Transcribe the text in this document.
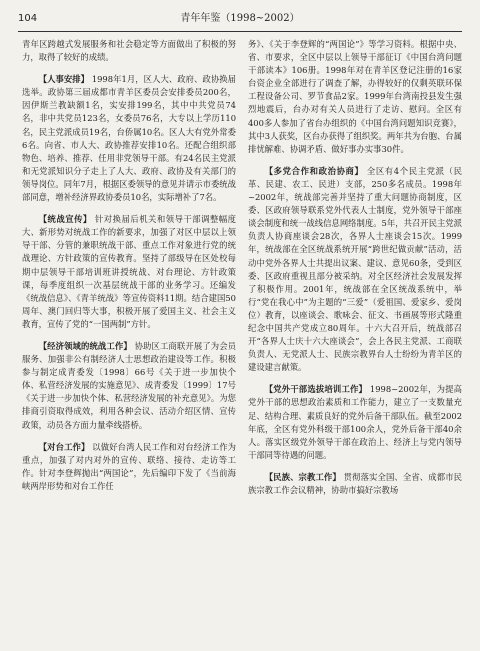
104	青年年鉴（1998~2002）

青年区跨越式发展服务和社会稳定等方面做出了积极的努力，取得了较好的成绩。

【人事安排】 1998年1月，区人大、政府、政协换届选举。政协第三届成都市青羊区委员会安排委员200名，因伊斯兰教缺额1名，实安排199名，其中中共党员74名，非中共党员123名，女委员76名，大专以上学历110名，民主党派成员19名，台侨属10名。区人大有党外常委6名。向省、市人大、政协推荐安排10名。还配合组织部物色、培养、推荐、任用非党领导干部。有24名民主党派和无党派知识分子走上了人大、政府、政协及有关部门的领导岗位。同年7月，根据区委领导的意见并请示市委统战部同意，增补经济界政协委员10名，实际增补了7名。

【统战宣传】 针对换届后机关和领导干部调整幅度大、新形势对统战工作的新要求，加强了对区中层以上领导干部、分管的兼职统战干部、重点工作对象进行党的统战理论、方针政策的宣传教育。坚持了部级导在区处校每期中层领导干部培训班讲授统战、对台理论、方针政策课，每季度组织一次基层统战干部的业务学习。还编发《统战信息》、《青羊统战》等宣传资料11期。结合建国50周年、澳门回归等大事，积极开展了爱国主义、社会主义教育，宣传了党的“一国两制”方针。

【经济领域的统战工作】 协助区工商联开展了为会员服务、加强非公有制经济人士思想政治建设等工作。积极参与制定成青委发〔1998〕66号《关于进一步加快个体、私营经济发展的实施意见》、成青委发〔1999〕17号《关于进一步加快个体、私营经济发展的补充意见》。为您排商引资取得成效，利用各种会议、活动介绍区情、宣传政策，动员各方面力量牵线搭桥。

【对台工作】 以做好台湾人民工作和对台经济工作为重点，加强了对内对外的宣传、联络、接待、走访等工作。针对李登辉抛出“两国论”，先后编印下发了《当前海峡两岸形势和对台工作任

务》、《关于李登辉的“两国论”》等学习资料。根据中央、省、市要求，全区中层以上领导干部征订《中国台湾问题干部读本》106册。1998年对在青羊区登记注册的16家台资企业全部进行了调查了解，办得较好的仅剩英联环保工程设备公司、罗节食品2家。1999年台湾南投县发生强烈地震后，台办对有关人员进行了走访、慰问。全区有400多人参加了省台办组织的《中国台湾问题知识竞赛》，其中3人获奖，区台办获得了组织奖。两年共为台胞、台属排忧解难、协调矛盾、做好事办实事30件。

【多党合作和政治协商】 全区有4个民主党派（民革、民建、农工、民进）支部，250多名成员。1998年~2002年，统战部完善并坚持了重大问题协商制度，区委、区政府领导联系党外代表人士制度，党外领导干部座谈会制度和统一战线信息网络制度。5年，共召开民主党派负责人协商座谈会28次，各界人士座谈会15次。1999年，统战部在全区统战系统开展“跨世纪做贡献”活动，活动中党外各界人士共提出议案、建议、意见60条，受到区委、区政府重视且部分被采纳。对全区经济社会发展发挥了积极作用。2001年，统战部在全区统战系统中，举行“党在我心中”为主题的“三爱”（爱祖国、爱家乡、爱岗位）教育，以座谈会、歌咏会、征文、书画展等形式隆重纪念中国共产党成立80周年。十六大召开后，统战部召开“各界人士庆十六大座谈会”，会上各民主党派、工商联负责人、无党派人士、民族宗教界台人士纷纷为青羊区的建设建言献策。

【党外干部选拔培训工作】 1998~2002年，为提高党外干部的思想政治素质和工作能力，建立了一支数量充足、结构合理、素质良好的党外后备干部队伍。截至2002年底，全区有党外科级干部100余人，党外后备干部40余人。落实区级党外领导干部在政治上、经济上与党内领导干部同等待遇的问题。

【民族、宗教工作】 贯彻落实全国、全省、成都市民族宗教工作会议精神，协助市搞好宗教场
